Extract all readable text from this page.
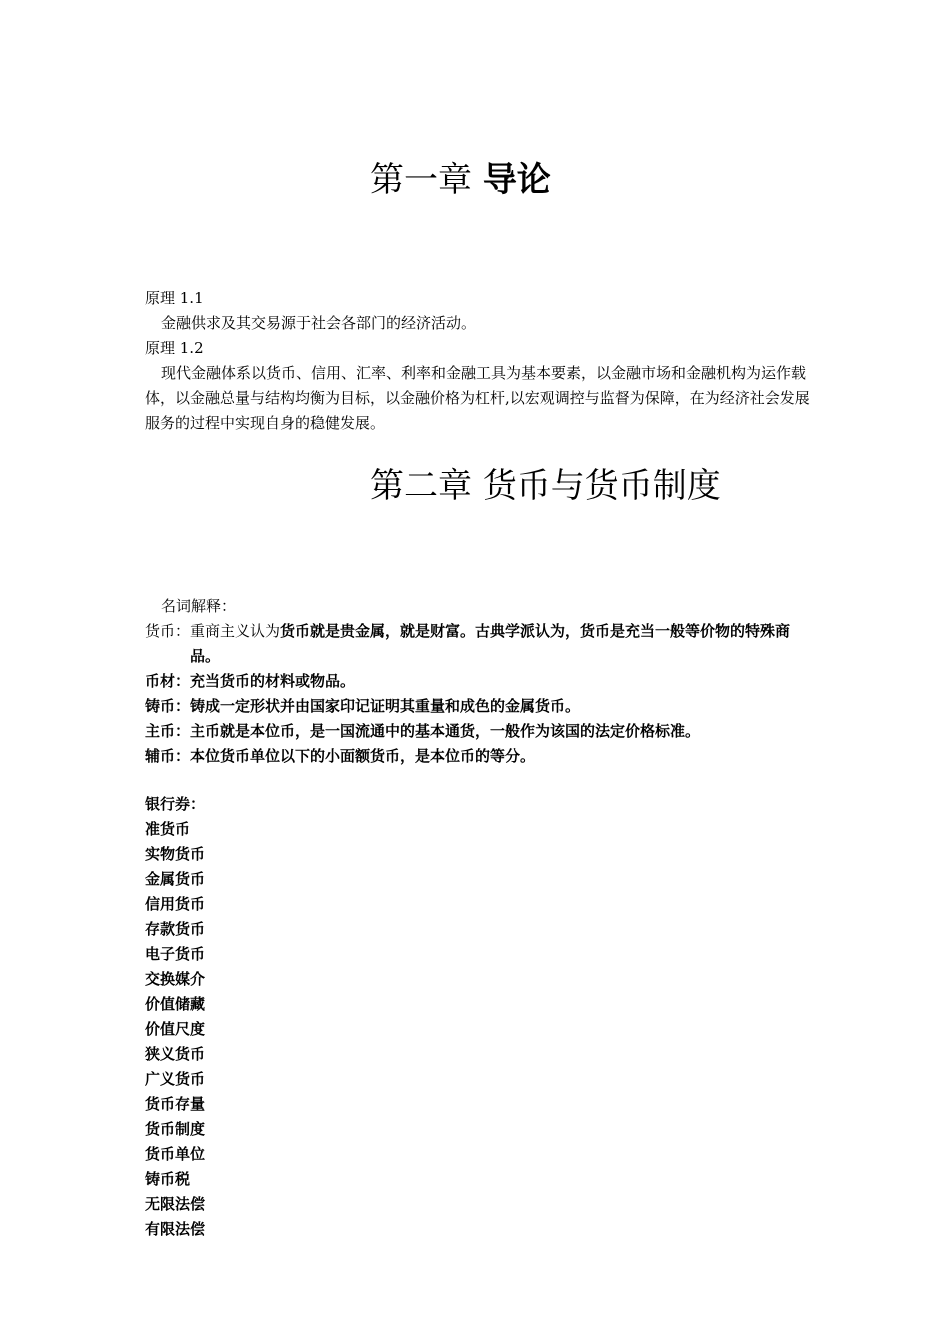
第一章 导论
原理 1.1
金融供求及其交易源于社会各部门的经济活动。
原理 1.2
现代金融体系以货币、信用、汇率、利率和金融工具为基本要素，以金融市场和金融机构为运作载体，以金融总量与结构均衡为目标，以金融价格为杠杆,以宏观调控与监督为保障，在为经济社会发展服务的过程中实现自身的稳健发展。
第二章 货币与货币制度
名词解释：
货币： 重商主义认为货币就是贵金属，就是财富。古典学派认为，货币是充当一般等价物的特殊商品。
币材： 充当货币的材料或物品。
铸币： 铸成一定形状并由国家印记证明其重量和成色的金属货币。
主币： 主币就是本位币，是一国流通中的基本通货，一般作为该国的法定价格标准。
辅币： 本位货币单位以下的小面额货币，是本位币的等分。
银行券：
准货币
实物货币
金属货币
信用货币
存款货币
电子货币
交换媒介
价值储藏
价值尺度
狭义货币
广义货币
货币存量
货币制度
货币单位
铸币税
无限法偿
有限法偿
